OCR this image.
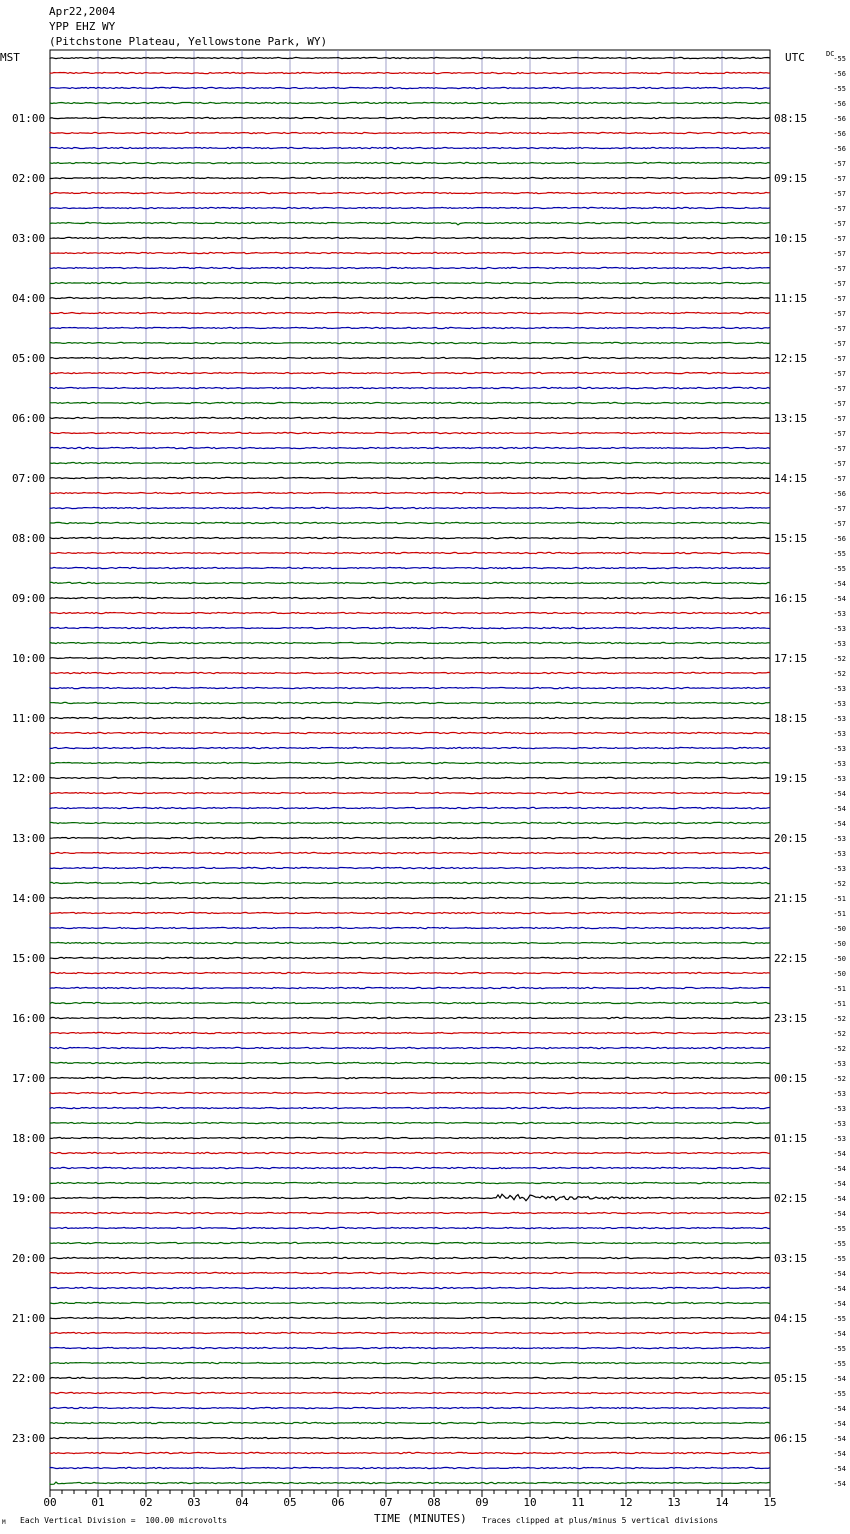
Apr22,2004
YPP EHZ WY
(Pitchstone Plateau, Yellowstone Park, WY)
MST	UTC	DC
-55
-56
-55
-56
-56
-56
-56
-57
-57
-57
-57
-57
-57
-57
-57
-57
-57
-57
-57
-57
-57
-57
-57
-57
-57
-57
-57
-57
-57
-56
-57
-57
-56
-55
-55
-54
-54
-53
-53
-53
-52
-52
-53
-53
-53
-53
-53
-53
-53
-54
-54
-54
-53
-53
-53
-52
-51
-51
-50
-50
-50
-50
-51
-51
-52
-52
-52
-53
-52
-53
-53
-53
-53
-54
-54
-54
-54
-54
-55
-55
-55
-54
-54
-54
-55
-54
-55
-55
-54
-55
-54
-54
-54
-54
-54
-54
01:00	08:15
02:00	09:15
03:00	10:15
04:00	11:15
05:00	12:15
06:00	13:15
07:00	14:15
08:00	15:15
09:00	16:15
10:00	17:15
11:00	18:15
12:00	19:15
13:00	20:15
14:00	21:15
15:00	22:15
16:00	23:15
17:00	00:15
18:00	01:15
19:00	02:15
20:00	03:15
21:00	04:15
22:00	05:15
23:00	06:15
00	01	02	03	04	05	06	07	08	09	10	11	12	13	14	15
M Each Vertical Division =  100.00 microvolts	TIME (MINUTES) Traces clipped at plus/minus 5 vertical divisions
